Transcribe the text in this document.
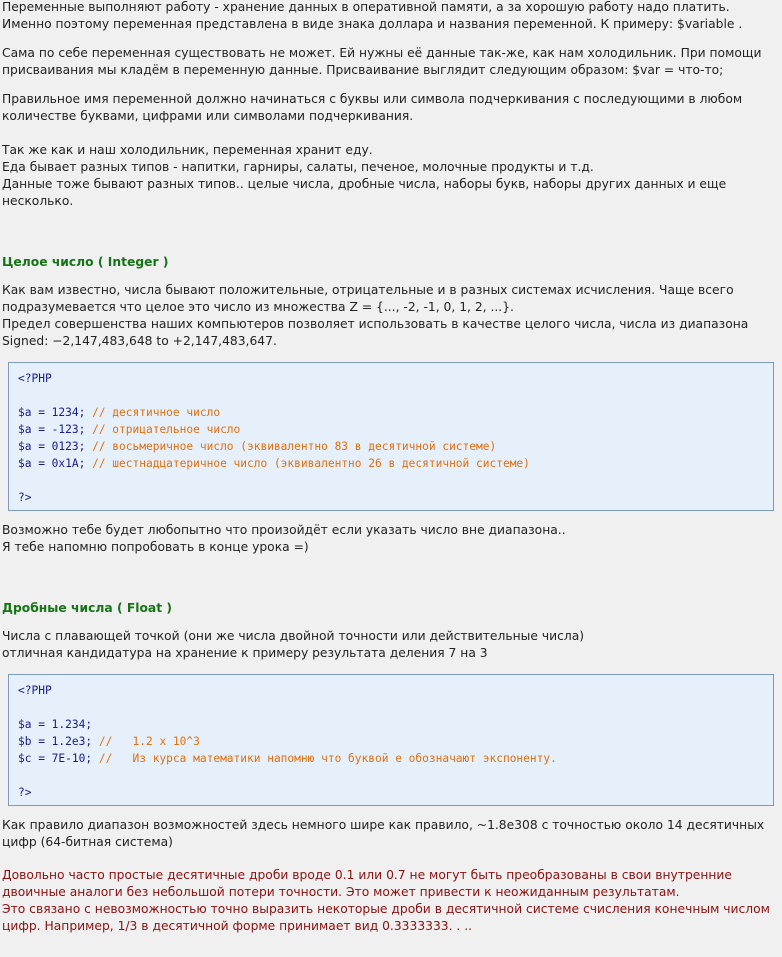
Переменные выполняют работу - хранение данных в оперативной памяти, а за хорошую работу надо платить.
Именно поэтому переменная представлена в виде знака доллара и названия переменной. К примеру: $variable .
Сама по себе переменная существовать не может. Ей нужны её данные так-же, как нам холодильник. При помощи
присваивания мы кладём в переменную данные. Присваивание выглядит следующим образом: $var = что-то;
Правильное имя переменной должно начинаться с буквы или символа подчеркивания с последующими в любом
количестве буквами, цифрами или символами подчеркивания.
Так же как и наш холодильник, переменная хранит еду.
Еда бывает разных типов - напитки, гарниры, салаты, печеное, молочные продукты и т.д.
Данные тоже бывают разных типов.. целые числа, дробные числа, наборы букв, наборы других данных и еще
несколько.
Целое число ( Integer )
Как вам известно, числа бывают положительные, отрицательные и в разных системах исчисления. Чаще всего
подразумевается что целое это число из множества Z = {..., -2, -1, 0, 1, 2, ...}.
Предел совершенства наших компьютеров позволяет использовать в качестве целого числа, числа из диапазона
Signed: −2,147,483,648 to +2,147,483,647.
<?PHP
$a = 1234; // десятичное число
$a = -123; // отрицательное число
$a = 0123; // восьмеричное число (эквивалентно 83 в десятичной системе)
$a = 0x1A; // шестнадцатеричное число (эквивалентно 26 в десятичной системе)
?>
Возможно тебе будет любопытно что произойдёт если указать число вне диапазона..
Я тебе напомню попробовать в конце урока =)
Дробные числа ( Float )
Числа с плавающей точкой (они же числа двойной точности или действительные числа)
отличная кандидатура на хранение к примеру результата деления 7 на 3
<?PHP
$a = 1.234;
$b = 1.2e3; //   1.2 x 10^3
$c = 7E-10; //   Из курса математики напомню что буквой е обозначают экспоненту.
?>
Как правило диапазон возможностей здесь немного шире как правило, ~1.8e308 с точностью около 14 десятичных
цифр (64-битная система)
Довольно часто простые десятичные дроби вроде 0.1 или 0.7 не могут быть преобразованы в свои внутренние
двоичные аналоги без небольшой потери точности. Это может привести к неожиданным результатам.
Это связано с невозможностью точно выразить некоторые дроби в десятичной системе счисления конечным числом
цифр. Например, 1/3 в десятичной форме принимает вид 0.3333333. . ..
